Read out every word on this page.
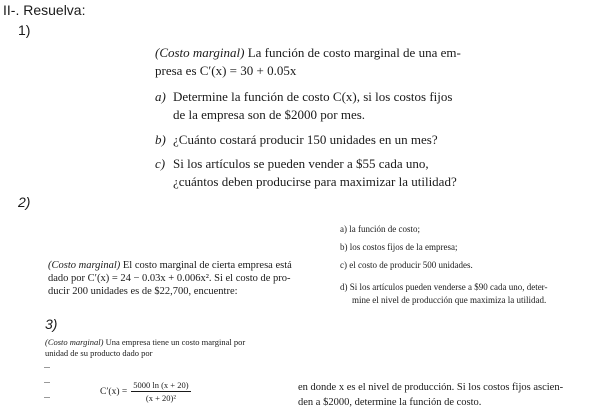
II-. Resuelva:
1)
(Costo marginal) La función de costo marginal de una em-
presa es C′(x) = 30 + 0.05x
a) Determine la función de costo C(x), si los costos fijos
de la empresa son de $2000 por mes.
b) ¿Cuánto costará producir 150 unidades en un mes?
c) Si los artículos se pueden vender a $55 cada uno,
¿cuántos deben producirse para maximizar la utilidad?
2)
a) la función de costo;
b) los costos fijos de la empresa;
c) el costo de producir 500 unidades.
d) Si los artículos pueden venderse a $90 cada uno, deter-
mine el nivel de producción que maximiza la utilidad.
(Costo marginal) El costo marginal de cierta empresa está
dado por C′(x) = 24 − 0.03x + 0.006x². Si el costo de pro-
ducir 200 unidades es de $22,700, encuentre:
3)
(Costo marginal) Una empresa tiene un costo marginal por
unidad de su producto dado por
$C'(x) = \frac{5000 \ln (x + 20)}{\text{(x + 20)²}}$	en donde x es el nivel de producción. Si los costos fijos ascien-
den a $2000, determine la función de costo.
